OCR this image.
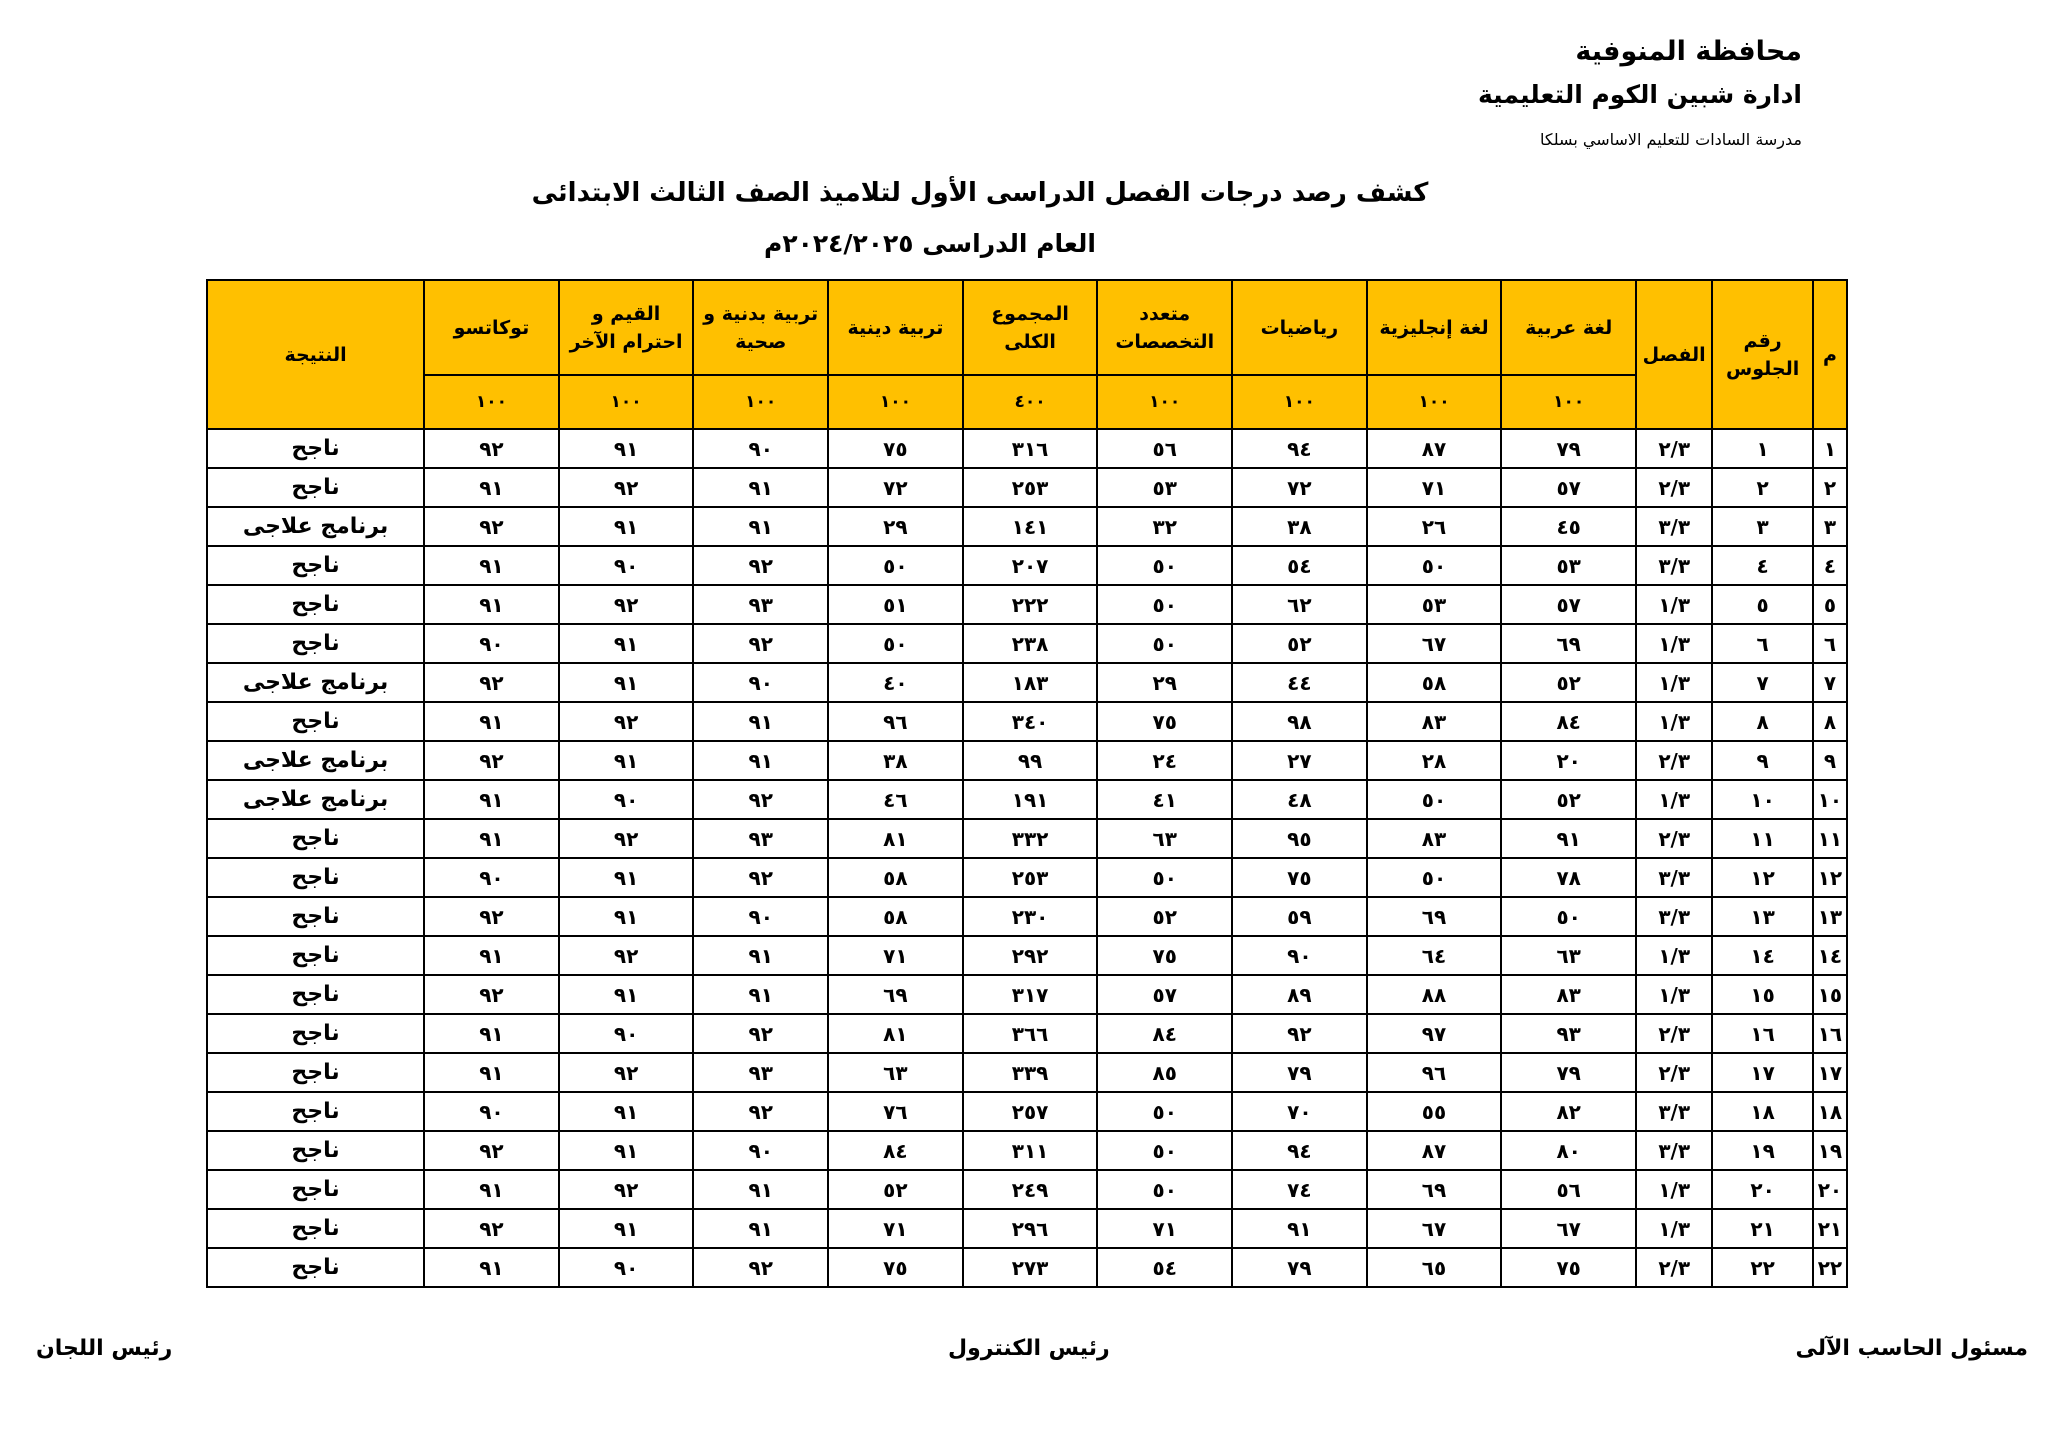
محافظة المنوفية
ادارة شبين الكوم التعليمية
مدرسة السادات للتعليم الاساسي بسلكا
كشف رصد درجات الفصل الدراسى الأول لتلاميذ الصف الثالث الابتدائى
العام الدراسى ٢٠٢٤/٢٠٢٥م
م	رقم الجلوس	الفصل	لغة عربية	لغة إنجليزية	رياضيات	متعدد التخصصات	المجموع الكلى	تربية دينية	تربية بدنية و صحية	القيم و احترام الآخر	توكاتسو	النتيجة
			١٠٠	١٠٠	١٠٠	١٠٠	٤٠٠	١٠٠	١٠٠	١٠٠	١٠٠	
١	١	٢/٣	٧٩	٨٧	٩٤	٥٦	٣١٦	٧٥	٩٠	٩١	٩٢	ناجح
٢	٢	٢/٣	٥٧	٧١	٧٢	٥٣	٢٥٣	٧٢	٩١	٩٢	٩١	ناجح
٣	٣	٣/٣	٤٥	٢٦	٣٨	٣٢	١٤١	٢٩	٩١	٩١	٩٢	برنامج علاجى
٤	٤	٣/٣	٥٣	٥٠	٥٤	٥٠	٢٠٧	٥٠	٩٢	٩٠	٩١	ناجح
٥	٥	١/٣	٥٧	٥٣	٦٢	٥٠	٢٢٢	٥١	٩٣	٩٢	٩١	ناجح
٦	٦	١/٣	٦٩	٦٧	٥٢	٥٠	٢٣٨	٥٠	٩٢	٩١	٩٠	ناجح
٧	٧	١/٣	٥٢	٥٨	٤٤	٢٩	١٨٣	٤٠	٩٠	٩١	٩٢	برنامج علاجى
٨	٨	١/٣	٨٤	٨٣	٩٨	٧٥	٣٤٠	٩٦	٩١	٩٢	٩١	ناجح
٩	٩	٢/٣	٢٠	٢٨	٢٧	٢٤	٩٩	٣٨	٩١	٩١	٩٢	برنامج علاجى
١٠	١٠	١/٣	٥٢	٥٠	٤٨	٤١	١٩١	٤٦	٩٢	٩٠	٩١	برنامج علاجى
١١	١١	٢/٣	٩١	٨٣	٩٥	٦٣	٣٣٢	٨١	٩٣	٩٢	٩١	ناجح
١٢	١٢	٣/٣	٧٨	٥٠	٧٥	٥٠	٢٥٣	٥٨	٩٢	٩١	٩٠	ناجح
١٣	١٣	٣/٣	٥٠	٦٩	٥٩	٥٢	٢٣٠	٥٨	٩٠	٩١	٩٢	ناجح
١٤	١٤	١/٣	٦٣	٦٤	٩٠	٧٥	٢٩٢	٧١	٩١	٩٢	٩١	ناجح
١٥	١٥	١/٣	٨٣	٨٨	٨٩	٥٧	٣١٧	٦٩	٩١	٩١	٩٢	ناجح
١٦	١٦	٢/٣	٩٣	٩٧	٩٢	٨٤	٣٦٦	٨١	٩٢	٩٠	٩١	ناجح
١٧	١٧	٢/٣	٧٩	٩٦	٧٩	٨٥	٣٣٩	٦٣	٩٣	٩٢	٩١	ناجح
١٨	١٨	٣/٣	٨٢	٥٥	٧٠	٥٠	٢٥٧	٧٦	٩٢	٩١	٩٠	ناجح
١٩	١٩	٣/٣	٨٠	٨٧	٩٤	٥٠	٣١١	٨٤	٩٠	٩١	٩٢	ناجح
٢٠	٢٠	١/٣	٥٦	٦٩	٧٤	٥٠	٢٤٩	٥٢	٩١	٩٢	٩١	ناجح
٢١	٢١	١/٣	٦٧	٦٧	٩١	٧١	٢٩٦	٧١	٩١	٩١	٩٢	ناجح
٢٢	٢٢	٢/٣	٧٥	٦٥	٧٩	٥٤	٢٧٣	٧٥	٩٢	٩٠	٩١	ناجح
مسئول الحاسب الآلى
رئيس الكنترول
رئيس اللجان
